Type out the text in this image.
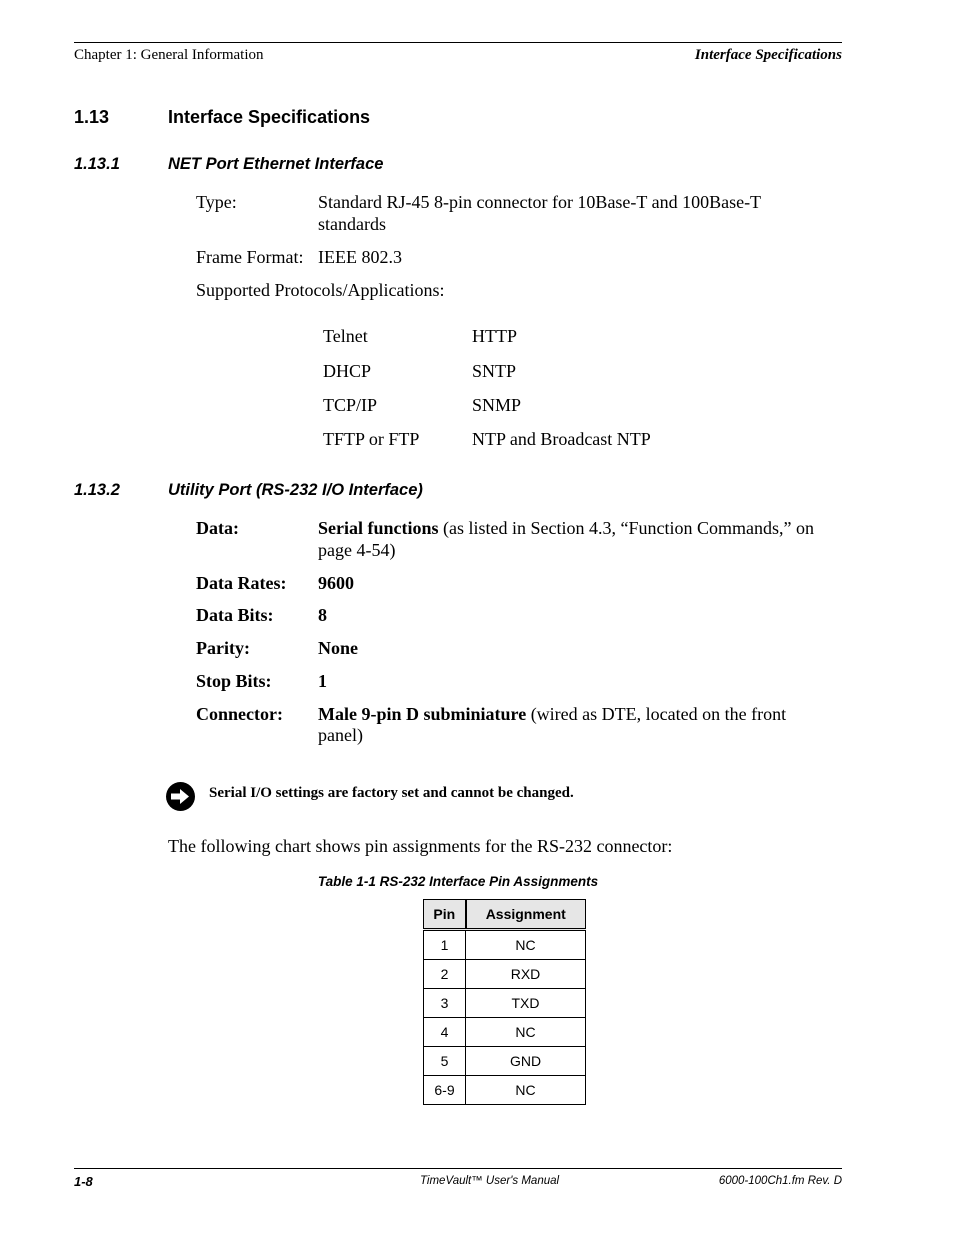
Chapter 1: General Information	Interface Specifications
1.13	Interface Specifications
1.13.1	NET Port Ethernet Interface
Type:	Standard RJ-45 8-pin connector for 10Base-T and 100Base-T
standards
Frame Format: IEEE 802.3
Supported Protocols/Applications:
Telnet	HTTP
DHCP	SNTP
TCP/IP	SNMP
TFTP or FTP	NTP and Broadcast NTP
1.13.2	Utility Port (RS-232 I/O Interface)
Data:	Serial functions (as listed in Section 4.3, “Function Commands,” on
page 4-54)
Data Rates: 9600
Data Bits: 8
Parity:	None
Stop Bits:	1
Connector: Male 9-pin D subminiature (wired as DTE, located on the front
panel)
Serial I/O settings are factory set and cannot be changed.
The following chart shows pin assignments for the RS-232 connector:
Table 1-1 RS-232 Interface Pin Assignments
Pin	Assignment
1	NC
2	RXD
3	TXD
4	NC
5	GND
6-9	NC
1-8	TimeVault™ User's Manual	6000-100Ch1.fm Rev. D
